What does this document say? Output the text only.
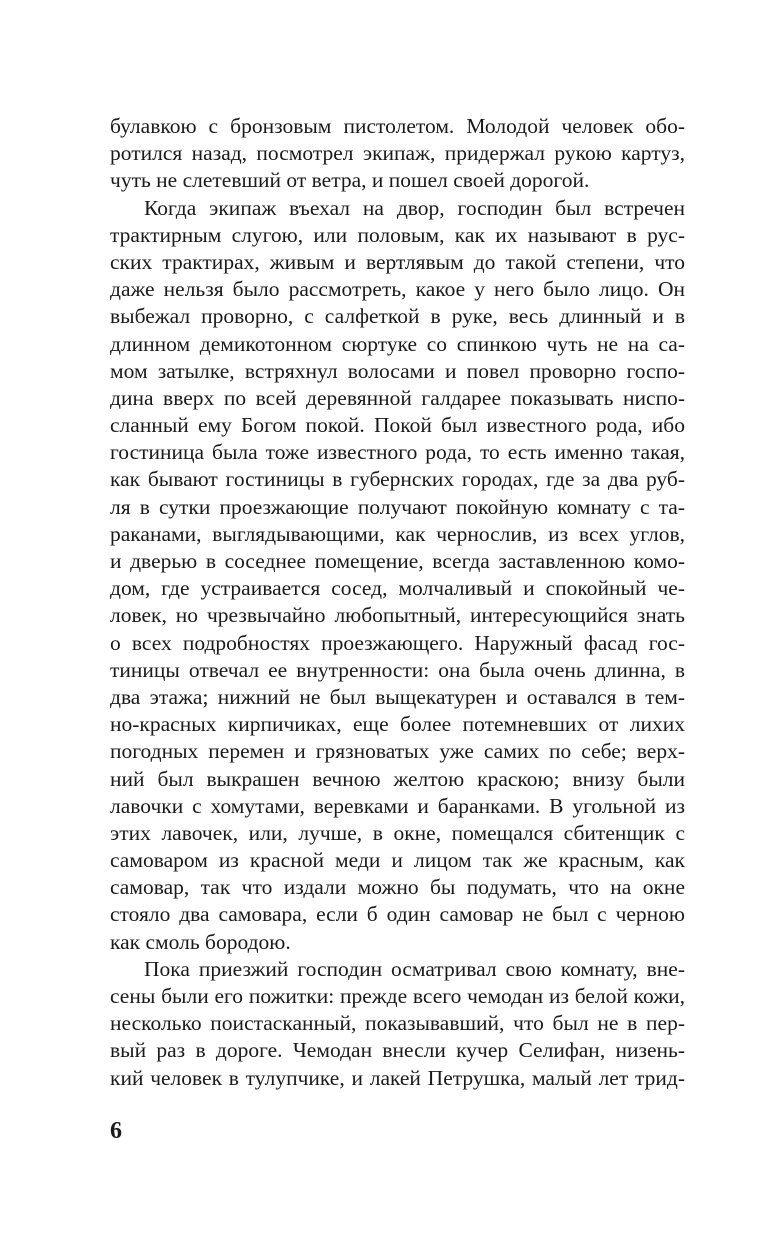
булавкою с бронзовым пистолетом. Молодой человек обо-
ротился назад, посмотрел экипаж, придержал рукою картуз,
чуть не слетевший от ветра, и пошел своей дорогой.
Когда экипаж въехал на двор, господин был встречен
трактирным слугою, или половым, как их называют в рус-
ских трактирах, живым и вертлявым до такой степени, что
даже нельзя было рассмотреть, какое у него было лицо. Он
выбежал проворно, с салфеткой в руке, весь длинный и в
длинном демикотонном сюртуке со спинкою чуть не на са-
мом затылке, встряхнул волосами и повел проворно госпо-
дина вверх по всей деревянной галдарее показывать ниспо-
сланный ему Богом покой. Покой был известного рода, ибо
гостиница была тоже известного рода, то есть именно такая,
как бывают гостиницы в губернских городах, где за два руб-
ля в сутки проезжающие получают покойную комнату с та-
раканами, выглядывающими, как чернослив, из всех углов,
и дверью в соседнее помещение, всегда заставленною комо-
дом, где устраивается сосед, молчаливый и спокойный че-
ловек, но чрезвычайно любопытный, интересующийся знать
о всех подробностях проезжающего. Наружный фасад гос-
тиницы отвечал ее внутренности: она была очень длинна, в
два этажа; нижний не был выщекатурен и оставался в тем-
но-красных кирпичиках, еще более потемневших от лихих
погодных перемен и грязноватых уже самих по себе; верх-
ний был выкрашен вечною желтою краскою; внизу были
лавочки с хомутами, веревками и баранками. В угольной из
этих лавочек, или, лучше, в окне, помещался сбитенщик с
самоваром из красной меди и лицом так же красным, как
самовар, так что издали можно бы подумать, что на окне
стояло два самовара, если б один самовар не был с черною
как смоль бородою.
Пока приезжий господин осматривал свою комнату, вне-
сены были его пожитки: прежде всего чемодан из белой кожи,
несколько поистасканный, показывавший, что был не в пер-
вый раз в дороге. Чемодан внесли кучер Селифан, низень-
кий человек в тулупчике, и лакей Петрушка, малый лет трид-
6
